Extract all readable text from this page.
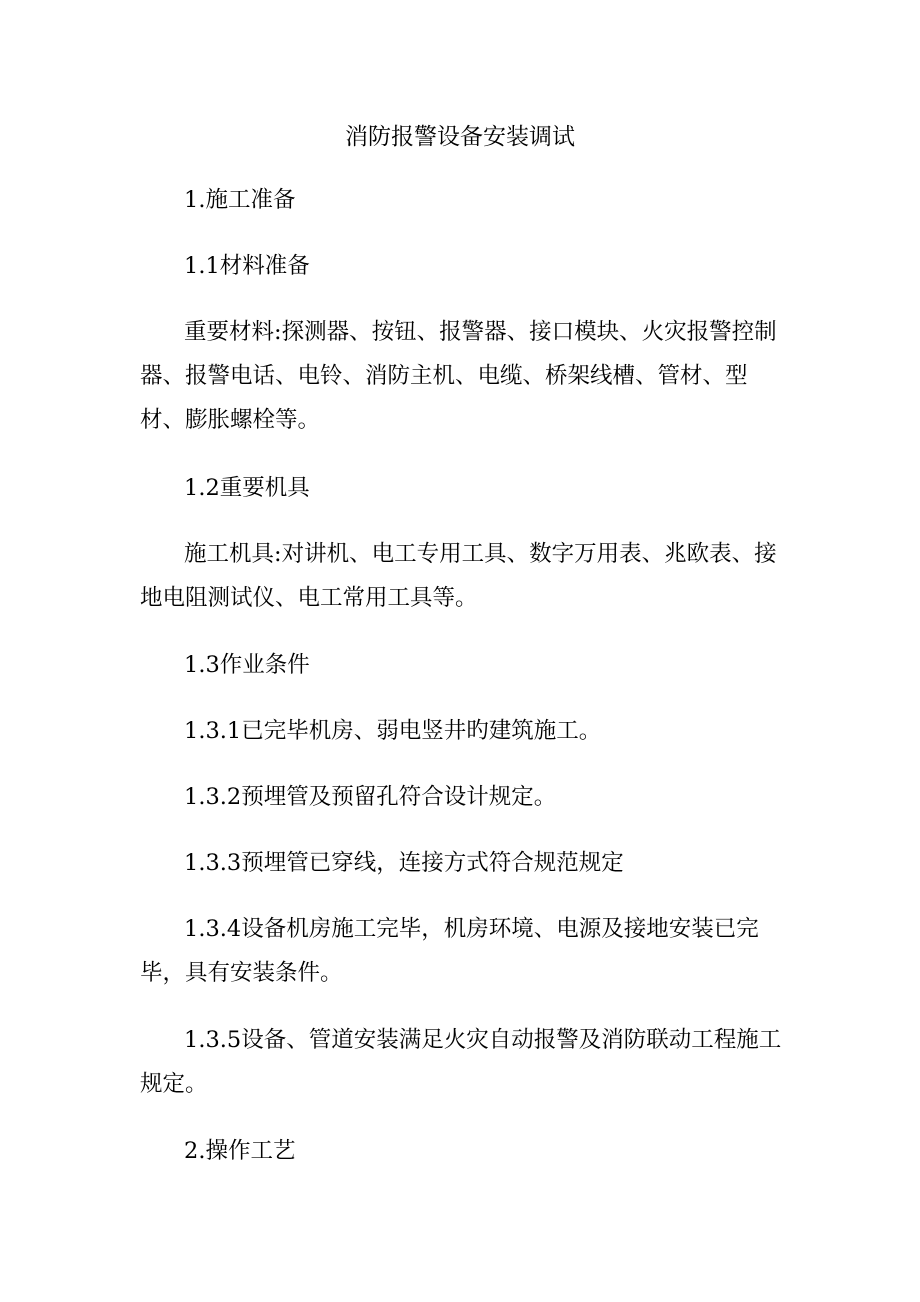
消防报警设备安装调试

1.施工准备

1.1材料准备

重要材料:探测器、按钮、报警器、接口模块、火灾报警控制器、报警电话、电铃、消防主机、电缆、桥架线槽、管材、型材、膨胀螺栓等。

1.2重要机具

施工机具:对讲机、电工专用工具、数字万用表、兆欧表、接地电阻测试仪、电工常用工具等。

1.3作业条件

1.3.1已完毕机房、弱电竖井旳建筑施工。

1.3.2预埋管及预留孔符合设计规定。

1.3.3预埋管已穿线，连接方式符合规范规定

1.3.4设备机房施工完毕，机房环境、电源及接地安装已完毕，具有安装条件。

1.3.5设备、管道安装满足火灾自动报警及消防联动工程施工规定。

2.操作工艺
